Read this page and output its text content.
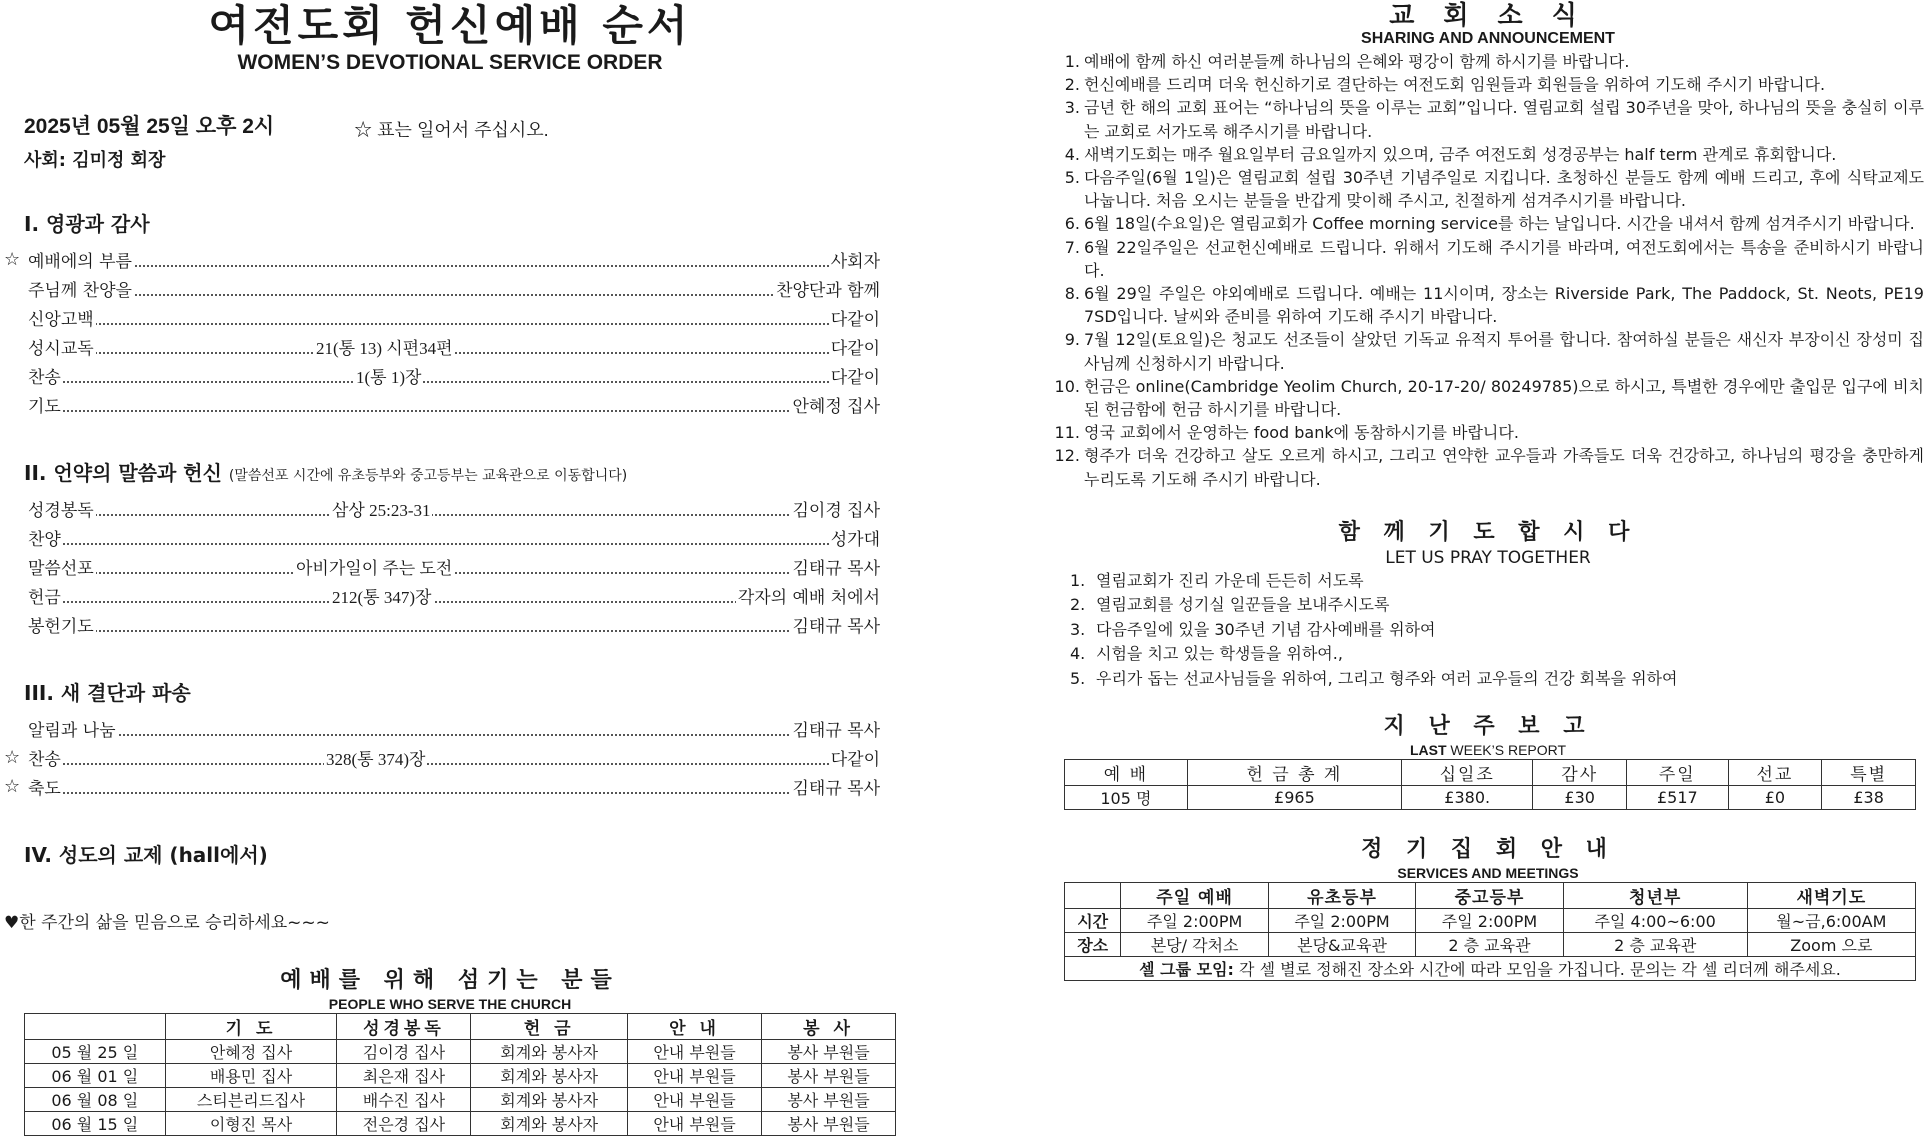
여전도회 헌신예배 순서
WOMEN’S DEVOTIONAL SERVICE ORDER
2025년 05월 25일 오후 2시	☆ 표는 일어서 주십시오.
사회: 김미정 회장
I. 영광과 감사
☆ 예배에의 부름	사회자
주님께 찬양을	찬양단과 함께
신앙고백	다같이
성시교독	21(통 13) 시편34편	다같이
찬송	1(통 1)장	다같이
기도	안혜정 집사
II. 언약의 말씀과 헌신 (말씀선포 시간에 유초등부와 중고등부는 교육관으로 이동합니다)
성경봉독	삼상 25:23-31	김이경 집사
찬양	성가대
말씀선포	아비가일이 주는 도전	김태규 목사
헌금	212(통 347)장	각자의 예배 처에서
봉헌기도	김태규 목사
III. 새 결단과 파송
알림과 나눔	김태규 목사
☆ 찬송	328(통 374)장	다같이
☆ 축도	김태규 목사
IV. 성도의 교제 (hall에서)
♥한 주간의 삶을 믿음으로 승리하세요~~~
예배를 위해 섬기는 분들
PEOPLE WHO SERVE THE CHURCH
	기 도	성경봉독	헌 금	안 내	봉 사
05 월 25 일	안혜정 집사	김이경 집사	회계와 봉사자	안내 부원들	봉사 부원들
06 월 01 일	배용민 집사	최은재 집사	회계와 봉사자	안내 부원들	봉사 부원들
06 월 08 일	스티븐리드집사	배수진 집사	회계와 봉사자	안내 부원들	봉사 부원들
06 월 15 일	이형진 목사	전은경 집사	회계와 봉사자	안내 부원들	봉사 부원들
교 회 소 식
SHARING AND ANNOUNCEMENT
1. 예배에 함께 하신 여러분들께 하나님의 은혜와 평강이 함께 하시기를 바랍니다.
2. 헌신예배를 드리며 더욱 헌신하기로 결단하는 여전도회 임원들과 회원들을 위하여 기도해 주시기 바랍니다.
3. 금년 한 해의 교회 표어는 “하나님의 뜻을 이루는 교회”입니다. 열림교회 설립 30주년을 맞아, 하나님의 뜻을 충실히 이루는 교회로 서가도록 해주시기를 바랍니다.
4. 새벽기도회는 매주 월요일부터 금요일까지 있으며, 금주 여전도회 성경공부는 half term 관계로 휴회합니다.
5. 다음주일(6월 1일)은 열림교회 설립 30주년 기념주일로 지킵니다. 초청하신 분들도 함께 예배 드리고, 후에 식탁교제도 나눕니다. 처음 오시는 분들을 반갑게 맞이해 주시고, 친절하게 섬겨주시기를 바랍니다.
6. 6월 18일(수요일)은 열림교회가 Coffee morning service를 하는 날입니다. 시간을 내셔서 함께 섬겨주시기 바랍니다.
7. 6월 22일주일은 선교헌신예배로 드립니다. 위해서 기도해 주시기를 바라며, 여전도회에서는 특송을 준비하시기 바랍니다.
8. 6월 29일 주일은 야외예배로 드립니다. 예배는 11시이며, 장소는 Riverside Park, The Paddock, St. Neots, PE19 7SD입니다. 날씨와 준비를 위하여 기도해 주시기 바랍니다.
9. 7월 12일(토요일)은 청교도 선조들이 살았던 기독교 유적지 투어를 합니다. 참여하실 분들은 새신자 부장이신 장성미 집사님께 신청하시기 바랍니다.
10. 헌금은 online(Cambridge Yeolim Church, 20-17-20/ 80249785)으로 하시고, 특별한 경우에만 출입문 입구에 비치된 헌금함에 헌금 하시기를 바랍니다.
11. 영국 교회에서 운영하는 food bank에 동참하시기를 바랍니다.
12. 형주가 더욱 건강하고 살도 오르게 하시고, 그리고 연약한 교우들과 가족들도 더욱 건강하고, 하나님의 평강을 충만하게 누리도록 기도해 주시기 바랍니다.
함 께 기 도 합 시 다
LET US PRAY TOGETHER
1. 열림교회가 진리 가운데 든든히 서도록
2. 열림교회를 성기실 일꾼들을 보내주시도록
3. 다음주일에 있을 30주년 기념 감사예배를 위하여
4. 시험을 치고 있는 학생들을 위하여.,
5. 우리가 돕는 선교사님들을 위하여, 그리고 형주와 여러 교우들의 건강 회복을 위하여
지 난 주 보 고
LAST WEEK’S REPORT
예 배	헌 금 총 계	십일조	감사	주일	선교	특별
105 명	£965	£380.	£30	£517	£0	£38
정 기 집 회 안 내
SERVICES AND MEETINGS
	주일 예배	유초등부	중고등부	청년부	새벽기도
시간	주일 2:00PM	주일 2:00PM	주일 2:00PM	주일 4:00~6:00	월~금,6:00AM
장소	본당/ 각처소	본당&교육관	2 층 교육관	2 층 교육관	Zoom 으로
셀 그룹 모임: 각 셀 별로 정해진 장소와 시간에 따라 모임을 가집니다. 문의는 각 셀 리더께 해주세요.					
